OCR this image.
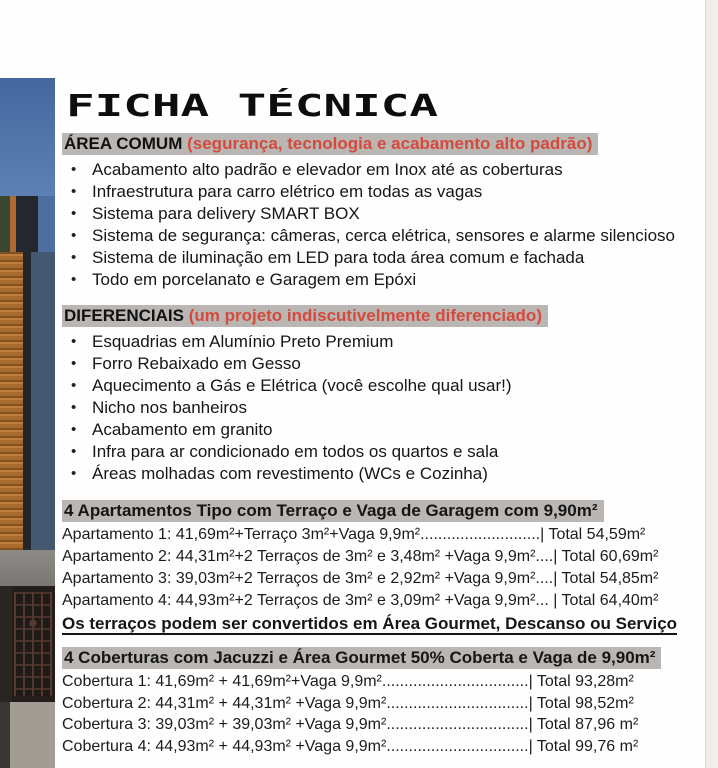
FICHA TÉCNICA
ÁREA COMUM (segurança, tecnologia e acabamento alto padrão)
• Acabamento alto padrão e elevador em Inox até as coberturas
• Infraestrutura para carro elétrico em todas as vagas
• Sistema para delivery SMART BOX
• Sistema de segurança: câmeras, cerca elétrica, sensores e alarme silencioso
• Sistema de iluminação em LED para toda área comum e fachada
• Todo em porcelanato e Garagem em Epóxi
DIFERENCIAIS (um projeto indiscutivelmente diferenciado)
• Esquadrias em Alumínio Preto Premium
• Forro Rebaixado em Gesso
• Aquecimento a Gás e Elétrica (você escolhe qual usar!)
• Nicho nos banheiros
• Acabamento em granito
• Infra para ar condicionado em todos os quartos e sala
• Áreas molhadas com revestimento (WCs e Cozinha)
4 Apartamentos Tipo com Terraço e Vaga de Garagem com 9,90m²
Apartamento 1: 41,69m²+Terraço 3m²+Vaga 9,9m²...........................| Total 54,59m²
Apartamento 2: 44,31m²+2 Terraços de 3m² e 3,48m² +Vaga 9,9m²....| Total 60,69m²
Apartamento 3: 39,03m²+2 Terraços de 3m² e 2,92m² +Vaga 9,9m²....| Total 54,85m²
Apartamento 4: 44,93m²+2 Terraços de 3m² e 3,09m² +Vaga 9,9m²... | Total 64,40m²
Os terraços podem ser convertidos em Área Gourmet, Descanso ou Serviço
4 Coberturas com Jacuzzi e Área Gourmet 50% Coberta e Vaga de 9,90m²
Cobertura 1: 41,69m² + 41,69m²+Vaga 9,9m².................................| Total 93,28m²
Cobertura 2: 44,31m² + 44,31m² +Vaga 9,9m²................................| Total 98,52m²
Cobertura 3: 39,03m² + 39,03m² +Vaga 9,9m²................................| Total 87,96 m²
Cobertura 4: 44,93m² + 44,93m² +Vaga 9,9m²................................| Total 99,76 m²
